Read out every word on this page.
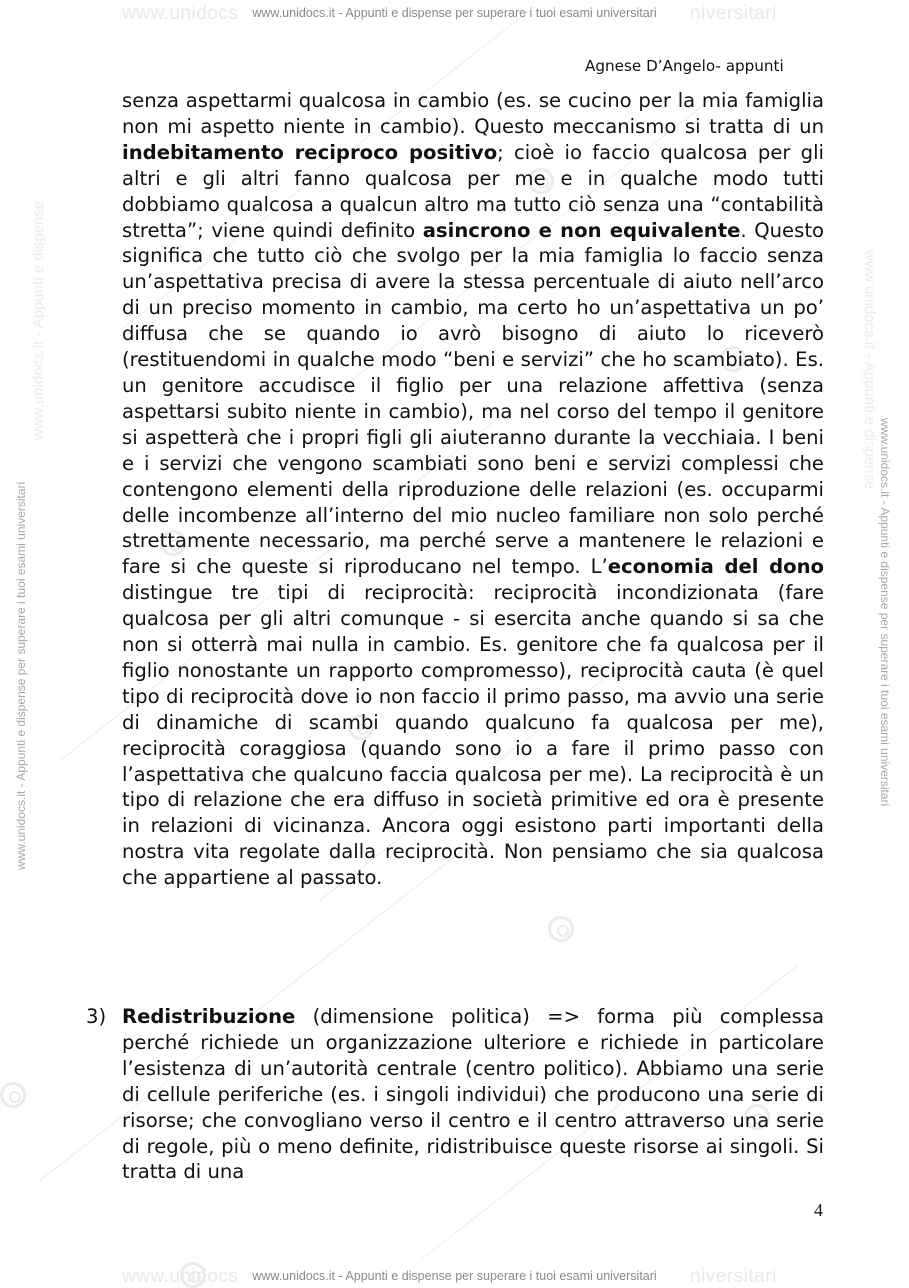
www.unidocs	niversitari
www.unidocs.it - Appunti e dispense per superare i tuoi esami universitari
www.unidocs.it - Appunti e dispense
www.unidocs.it - Appunti e dispense per superare i tuoi esami universitari
www.unidocs.it - Appunti e dispense
www.unidocs.it - Appunti e dispense per superare i tuoi esami universitari
Agnese D’Angelo- appunti
senza aspettarmi qualcosa in cambio (es. se cucino per la mia famiglia non mi aspetto niente in cambio). Questo meccanismo si tratta di un indebitamento reciproco positivo; cioè io faccio qualcosa per gli altri e gli altri fanno qualcosa per me e in qualche modo tutti dobbiamo qualcosa a qualcun altro ma tutto ciò senza una “contabilità stretta”; viene quindi definito asincrono e non equivalente. Questo significa che tutto ciò che svolgo per la mia famiglia lo faccio senza un’aspettativa precisa di avere la stessa percentuale di aiuto nell’arco di un preciso momento in cambio, ma certo ho un’aspettativa un po’ diffusa che se quando io avrò bisogno di aiuto lo riceverò (restituendomi in qualche modo “beni e servizi” che ho scambiato). Es. un genitore accudisce il figlio per una relazione affettiva (senza aspettarsi subito niente in cambio), ma nel corso del tempo il genitore si aspetterà che i propri figli gli aiuteranno durante la vecchiaia. I beni e i servizi che vengono scambiati sono beni e servizi complessi che contengono elementi della riproduzione delle relazioni (es. occuparmi delle incombenze all’interno del mio nucleo familiare non solo perché strettamente necessario, ma perché serve a mantenere le relazioni e fare si che queste si riproducano nel tempo. L’economia del dono distingue tre tipi di reciprocità: reciprocità incondizionata (fare qualcosa per gli altri comunque - si esercita anche quando si sa che non si otterrà mai nulla in cambio. Es. genitore che fa qualcosa per il figlio nonostante un rapporto compromesso), reciprocità cauta (è quel tipo di reciprocità dove io non faccio il primo passo, ma avvio una serie di dinamiche di scambi quando qualcuno fa qualcosa per me), reciprocità coraggiosa (quando sono io a fare il primo passo con l’aspettativa che qualcuno faccia qualcosa per me). La reciprocità è un tipo di relazione che era diffuso in società primitive ed ora è presente in relazioni di vicinanza. Ancora oggi esistono parti importanti della nostra vita regolate dalla reciprocità. Non pensiamo che sia qualcosa che appartiene al passato.
3) Redistribuzione (dimensione politica) => forma più complessa perché richiede un organizzazione ulteriore e richiede in particolare l’esistenza di un’autorità centrale (centro politico). Abbiamo una serie di cellule periferiche (es. i singoli individui) che producono una serie di risorse; che convogliano verso il centro e il centro attraverso una serie di regole, più o meno definite, ridistribuisce queste risorse ai singoli. Si tratta di una
4
www.unidocs	niversitari
www.unidocs.it - Appunti e dispense per superare i tuoi esami universitari
